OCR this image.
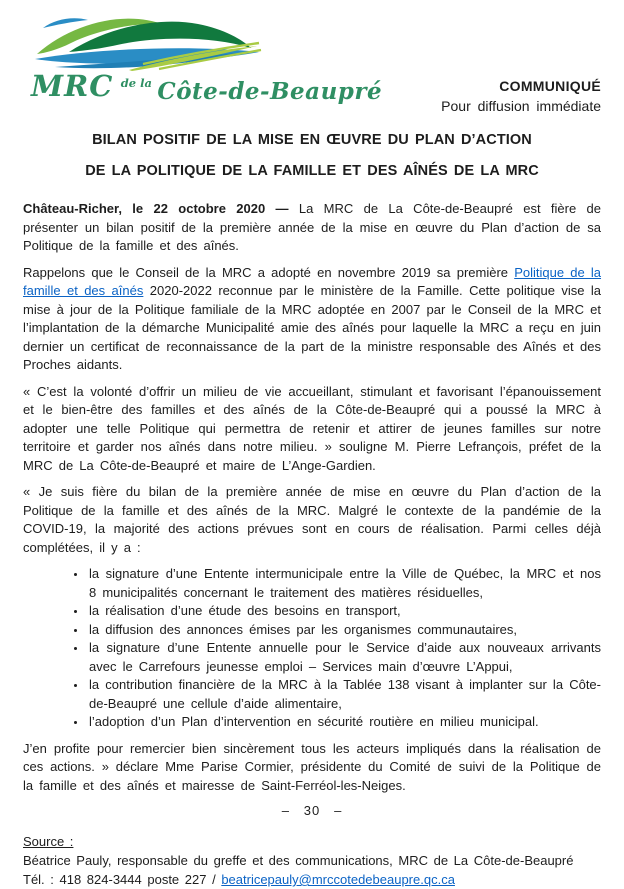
MRC $^{de la}$ Côte-de-Beaupré	COMMUNIQUÉ
Pour diffusion immédiate
BILAN POSITIF DE LA MISE EN ŒUVRE DU PLAN D’ACTION
DE LA POLITIQUE DE LA FAMILLE ET DES AÎNÉS DE LA MRC

Château-Richer, le 22 octobre 2020 — La MRC de La Côte-de-Beaupré est fière de présenter un bilan positif de la première année de la mise en œuvre du Plan d’action de sa Politique de la famille et des aînés.

Rappelons que le Conseil de la MRC a adopté en novembre 2019 sa première Politique de la famille et des aînés 2020-2022 reconnue par le ministère de la Famille. Cette politique vise la mise à jour de la Politique familiale de la MRC adoptée en 2007 par le Conseil de la MRC et l’implantation de la démarche Municipalité amie des aînés pour laquelle la MRC a reçu en juin dernier un certificat de reconnaissance de la part de la ministre responsable des Aînés et des Proches aidants.

« C’est la volonté d’offrir un milieu de vie accueillant, stimulant et favorisant l’épanouissement et le bien-être des familles et des aînés de la Côte-de-Beaupré qui a poussé la MRC à adopter une telle Politique qui permettra de retenir et attirer de jeunes familles sur notre territoire et garder nos aînés dans notre milieu. » souligne M. Pierre Lefrançois, préfet de la MRC de La Côte-de-Beaupré et maire de L’Ange-Gardien.

« Je suis fière du bilan de la première année de mise en œuvre du Plan d’action de la Politique de la famille et des aînés de la MRC. Malgré le contexte de la pandémie de la COVID-19, la majorité des actions prévues sont en cours de réalisation. Parmi celles déjà complétées, il y a :

• la signature d’une Entente intermunicipale entre la Ville de Québec, la MRC et nos 8 municipalités concernant le traitement des matières résiduelles,
• la réalisation d’une étude des besoins en transport,
• la diffusion des annonces émises par les organismes communautaires,
• la signature d’une Entente annuelle pour le Service d’aide aux nouveaux arrivants avec le Carrefours jeunesse emploi – Services main d’œuvre L’Appui,
• la contribution financière de la MRC à la Tablée 138 visant à implanter sur la Côte-de-Beaupré une cellule d’aide alimentaire,
• l’adoption d’un Plan d’intervention en sécurité routière en milieu municipal.

J’en profite pour remercier bien sincèrement tous les acteurs impliqués dans la réalisation de ces actions. » déclare Mme Parise Cormier, présidente du Comité de suivi de la Politique de la famille et des aînés et mairesse de Saint-Ferréol-les-Neiges.

–   30   –
Source :
Béatrice Pauly, responsable du greffe et des communications, MRC de La Côte-de-Beaupré
Tél. : 418 824-3444 poste 227 / beatricepauly@mrccotedebeaupre.qc.ca
